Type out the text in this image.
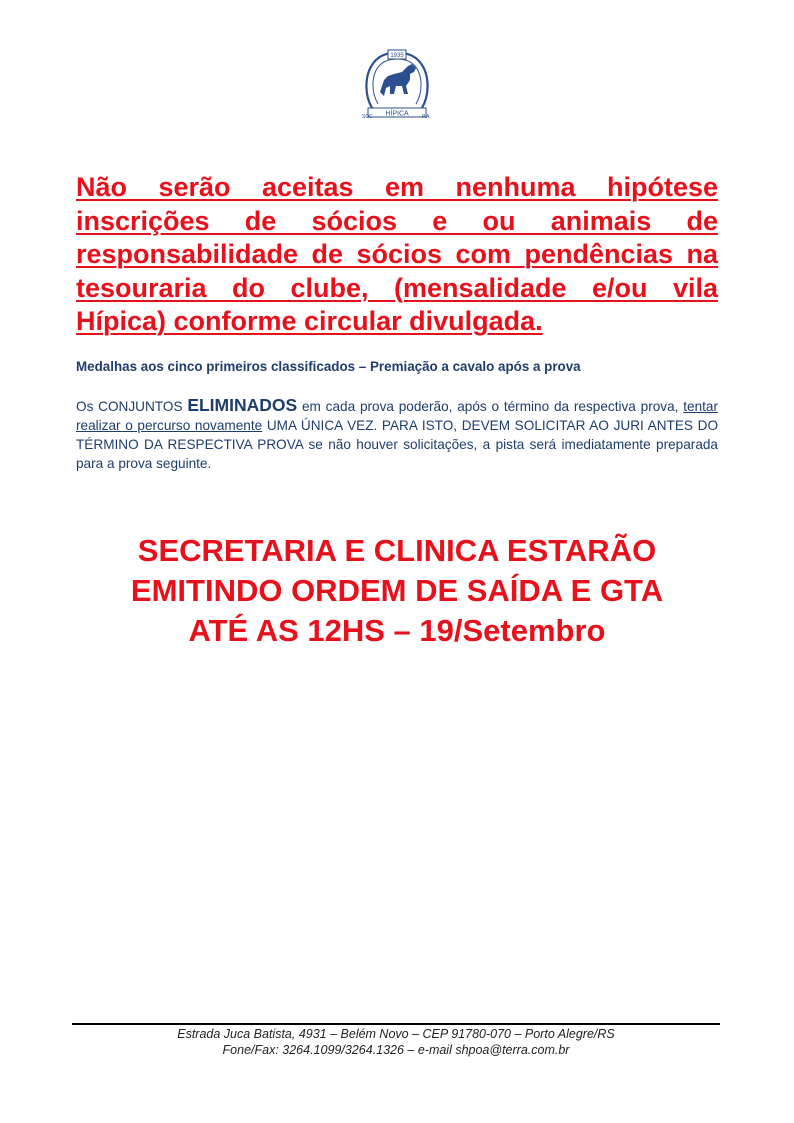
1935
HÍPICA
SOC	P.A.

Não serão aceitas em nenhuma hipótese inscrições de sócios e ou animais de responsabilidade de sócios com pendências na tesouraria do clube, (mensalidade e/ou vila Hípica) conforme circular divulgada.

Medalhas aos cinco primeiros classificados – Premiação a cavalo após a prova

Os CONJUNTOS ELIMINADOS em cada prova poderão, após o término da respectiva prova, tentar realizar o percurso novamente UMA ÚNICA VEZ. PARA ISTO, DEVEM SOLICITAR AO JURI ANTES DO TÉRMINO DA RESPECTIVA PROVA se não houver solicitações, a pista será imediatamente preparada para a prova seguinte.

SECRETARIA E CLINICA ESTARÃO
EMITINDO ORDEM DE SAÍDA E GTA
ATÉ AS 12HS – 19/Setembro
Estrada Juca Batista, 4931 – Belém Novo – CEP 91780-070 – Porto Alegre/RS
Fone/Fax: 3264.1099/3264.1326 – e-mail shpoa@terra.com.br
